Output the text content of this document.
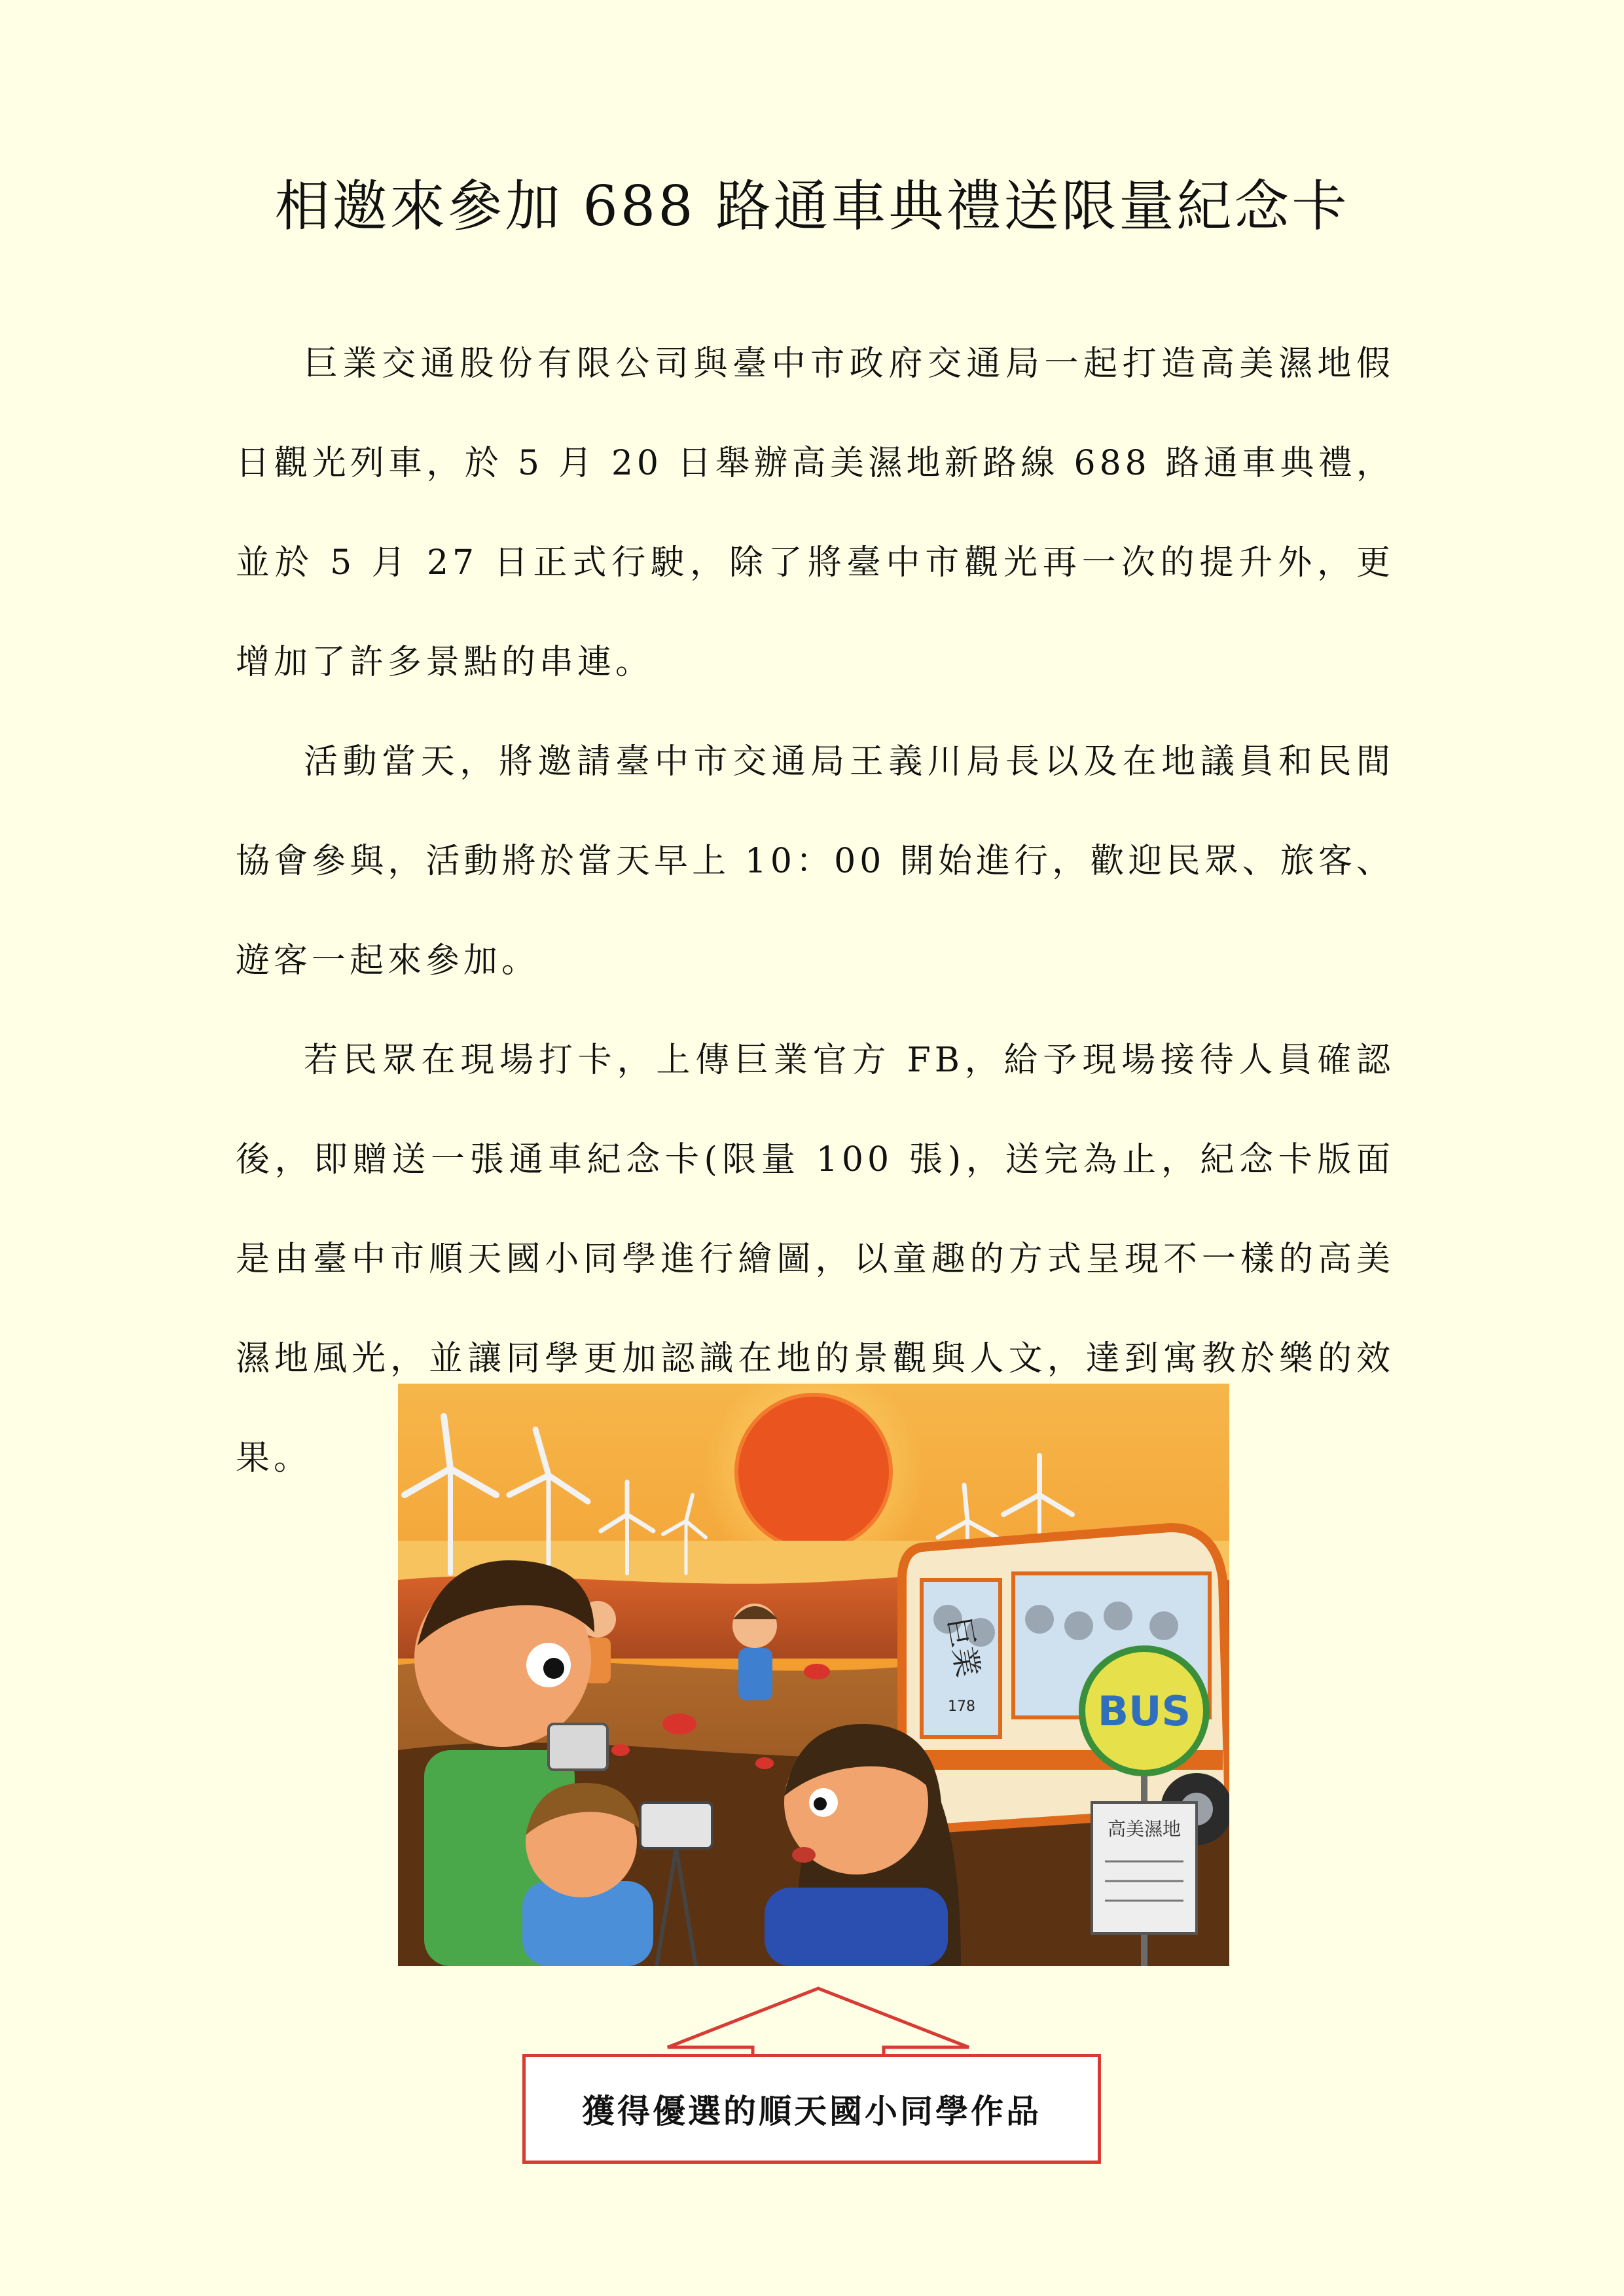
相邀來參加 688 路通車典禮送限量紀念卡

巨業交通股份有限公司與臺中市政府交通局一起打造高美濕地假日觀光列車，於 5 月 20 日舉辦高美濕地新路線 688 路通車典禮，並於 5 月 27 日正式行駛，除了將臺中市觀光再一次的提升外，更增加了許多景點的串連。

活動當天，將邀請臺中市交通局王義川局長以及在地議員和民間協會參與，活動將於當天早上 10：00 開始進行，歡迎民眾、旅客、遊客一起來參加。

若民眾在現場打卡，上傳巨業官方 FB，給予現場接待人員確認後，即贈送一張通車紀念卡(限量 100 張)，送完為止，紀念卡版面是由臺中市順天國小同學進行繪圖，以童趣的方式呈現不一樣的高美濕地風光，並讓同學更加認識在地的景觀與人文，達到寓教於樂的效果。

巨業
178	BUS
高美濕地
獲得優選的順天國小同學作品
